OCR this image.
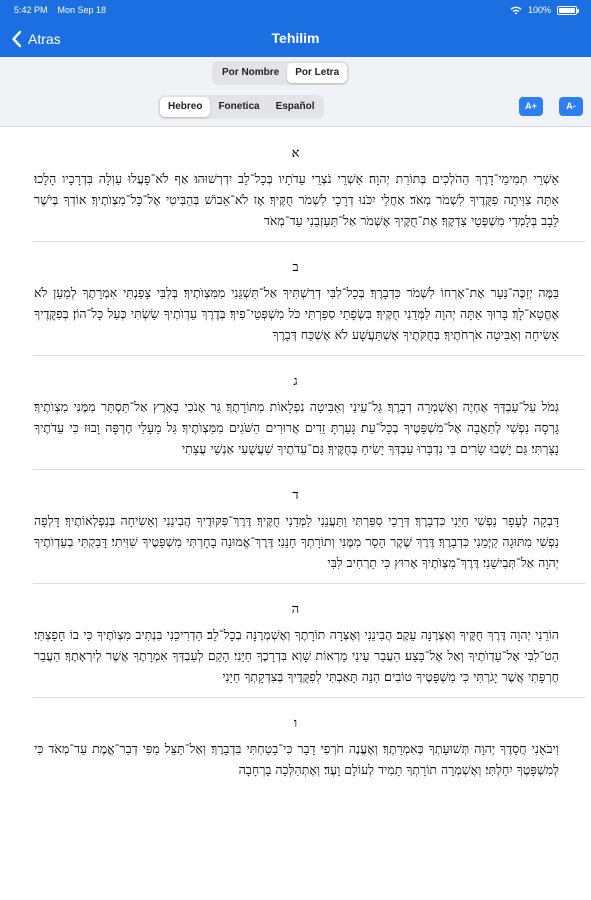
5:42 PM Mon Sep 18	100%
Atras	Tehilim
Por Nombre	Por Letra
Hebreo	Fonetica	Español	A+	A-
א
אַשְׁרֵי תְמִימֵי־דָרֶךְ הַהֹלְכִים בְּתוֹרַת יְהוָה׃ אַשְׁרֵי נֹצְרֵי עֵדֹתָיו בְּכָל־לֵב יִדְרְשׁוּהוּ׃ אַף לֹא־פָעֲלוּ עַוְלָה בִּדְרָכָיו הָלָכוּ׃ אַתָּה צִוִּיתָה פִקֻּדֶיךָ לִשְׁמֹר מְאֹד׃ אַחֲלַי יִכֹּנוּ דְרָכָי לִשְׁמֹר חֻקֶּיךָ׃ אָז לֹא־אֵבוֹשׁ בְּהַבִּיטִי אֶל־כָּל־מִצְוֺתֶיךָ׃ אוֹדְךָ בְּיֹשֶׁר לֵבָב בְּלָמְדִי מִשְׁפְּטֵי צִדְקֶךָ׃ אֶת־חֻקֶּיךָ אֶשְׁמֹר אַל־תַּעַזְבֵנִי עַד־מְאֹד
ב
בַּמֶּה יְזַכֶּה־נַּעַר אֶת־אָרְחוֹ לִשְׁמֹר כִּדְבָרֶךָ׃ בְּכָל־לִבִּי דְרַשְׁתִּיךָ אַל־תַּשְׁגֵּנִי מִמִּצְוֺתֶיךָ׃ בְּלִבִּי צָפַנְתִּי אִמְרָתֶךָ לְמַעַן לֹא אֶחֱטָא־לָךְ׃ בָּרוּךְ אַתָּה יְהוָה לַמְּדֵנִי חֻקֶּיךָ׃ בִּשְׂפָתַי סִפַּרְתִּי כֹּל מִשְׁפְּטֵי־פִיךָ׃ בְּדֶרֶךְ עֵדְוֺתֶיךָ שַׂשְׂתִּי כְּעַל כָּל־הוֹן׃ בְּפִקֻּדֶיךָ אָשִׂיחָה וְאַבִּיטָה אֹרְחֹתֶיךָ׃ בְּחֻקֹּתֶיךָ אֶשְׁתַּעֲשָׁע לֹא אֶשְׁכַּח דְּבָרֶךָ
ג
גְּמֹל עַל־עַבְדְּךָ אֶחְיֶה וְאֶשְׁמְרָה דְבָרֶךָ׃ גַּל־עֵינַי וְאַבִּיטָה נִפְלָאוֹת מִתּוֹרָתֶךָ׃ גֵּר אָנֹכִי בָאָרֶץ אַל־תַּסְתֵּר מִמֶּנִּי מִצְוֺתֶיךָ׃ גָּרְסָה נַפְשִׁי לְתַאֲבָה אֶל־מִשְׁפָּטֶיךָ בְכָל־עֵת׃ גָּעַרְתָּ זֵדִים אֲרוּרִים הַשֹּׁגִים מִמִּצְוֺתֶיךָ׃ גַּל מֵעָלַי חֶרְפָּה וָבוּז כִּי עֵדֹתֶיךָ נָצָרְתִּי׃ גַּם יָשְׁבוּ שָׂרִים בִּי נִדְבָּרוּ עַבְדְּךָ יָשִׂיחַ בְּחֻקֶּיךָ׃ גַּם־עֵדֹתֶיךָ שַׁעֲשֻׁעַי אַנְשֵׁי עֲצָתִי
ד
דָּבְקָה לֶעָפָר נַפְשִׁי חַיֵּנִי כִּדְבָרֶךָ׃ דְּרָכַי סִפַּרְתִּי וַתַּעֲנֵנִי לַמְּדֵנִי חֻקֶּיךָ׃ דֶּרֶךְ־פִּקּוּדֶיךָ הֲבִינֵנִי וְאָשִׂיחָה בְּנִפְלְאוֹתֶיךָ׃ דָּלְפָה נַפְשִׁי מִתּוּגָה קַיְּמֵנִי כִּדְבָרֶךָ׃ דֶּרֶךְ שֶׁקֶר הָסֵר מִמֶּנִּי וְתוֹרָתְךָ חָנֵּנִי׃ דֶּרֶךְ־אֱמוּנָה בָחָרְתִּי מִשְׁפָּטֶיךָ שִׁוִּיתִי׃ דָּבַקְתִּי בְעֵדְוֺתֶיךָ יְהוָה אַל־תְּבִישֵׁנִי׃ דֶּרֶךְ־מִצְוֺתֶיךָ אָרוּץ כִּי תַרְחִיב לִבִּי
ה
הוֹרֵנִי יְהוָה דֶּרֶךְ חֻקֶּיךָ וְאֶצְּרֶנָּה עֵקֶב׃ הֲבִינֵנִי וְאֶצְּרָה תוֹרָתֶךָ וְאֶשְׁמְרֶנָּה בְכָל־לֵב׃ הַדְרִיכֵנִי בִּנְתִיב מִצְוֺתֶיךָ כִּי בוֹ חָפָצְתִּי׃ הַט־לִבִּי אֶל־עֵדְוֺתֶיךָ וְאַל אֶל־בָּצַע׃ הַעֲבֵר עֵינַי מֵרְאוֹת שָׁוְא בִּדְרָכֶךָ חַיֵּנִי׃ הָקֵם לְעַבְדְּךָ אִמְרָתֶךָ אֲשֶׁר לְיִרְאָתֶךָ׃ הַעֲבֵר חֶרְפָּתִי אֲשֶׁר יָגֹרְתִּי כִּי מִשְׁפָּטֶיךָ טוֹבִים׃ הִנֵּה תָּאַבְתִּי לְפִקֻּדֶיךָ בְּצִדְקָתְךָ חַיֵּנִי
ו
וִיבֹאֻנִי חֲסָדֶךָ יְהוָה תְּשׁוּעָתְךָ כְּאִמְרָתֶךָ׃ וְאֶעֱנֶה חֹרְפִי דָבָר כִּי־בָטַחְתִּי בִּדְבָרֶךָ׃ וְאַל־תַּצֵּל מִפִּי דְבַר־אֱמֶת עַד־מְאֹד כִּי לְמִשְׁפָּטֶךָ יִחָלְתִּי׃ וְאֶשְׁמְרָה תוֹרָתְךָ תָמִיד לְעוֹלָם וָעֶד׃ וְאֶתְהַלְּכָה בָרְחָבָה
